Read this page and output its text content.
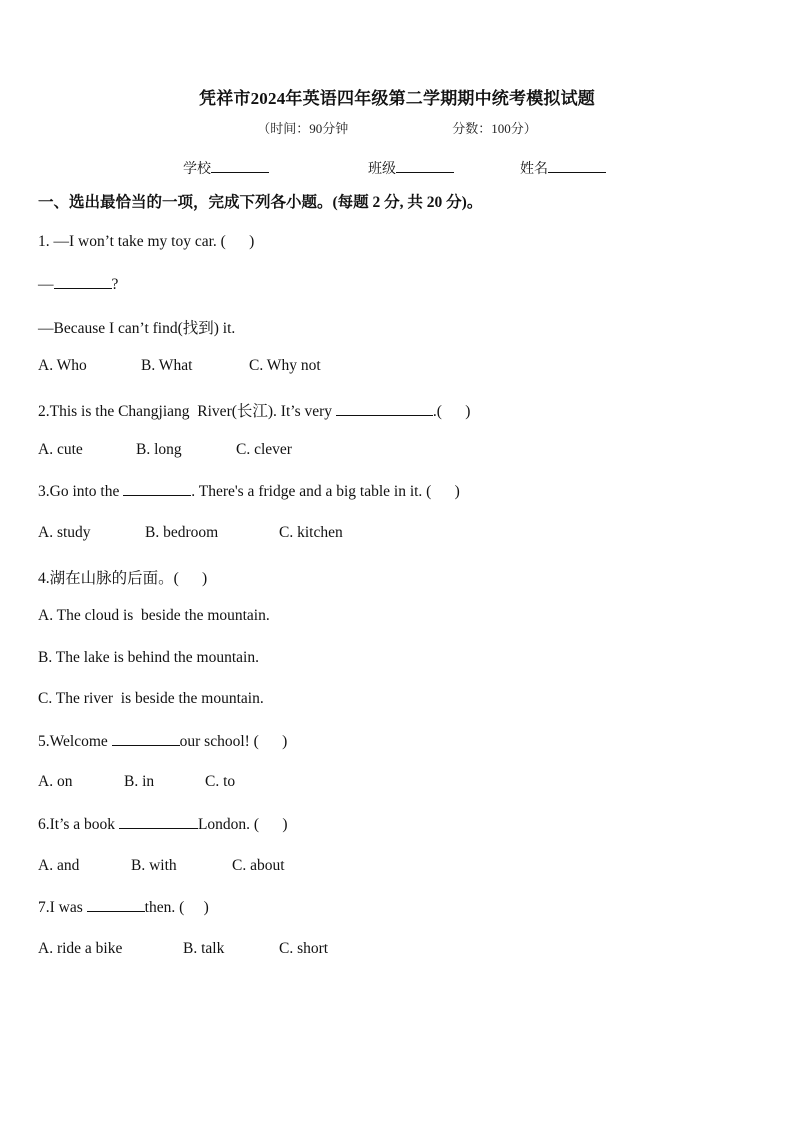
凭祥市2024年英语四年级第二学期期中统考模拟试题
（时间：90分钟	分数：100分）
学校	班级	姓名
一、选出最恰当的一项，完成下列各小题。(每题 2 分, 共 20 分)。
1. —I won’t take my toy car. (      )
—	?
—Because I can’t find(找到) it.
A. Who	B. What	C. Why not
2.This is the Changjiang  River(长江). It’s very	.(      )
A. cute	B. long	C. clever
3.Go into the	. There's a fridge and a big table in it. (      )
A. study	B. bedroom	C. kitchen
4.湖在山脉的后面。(      )
A. The cloud is  beside the mountain.
B. The lake is behind the mountain.
C. The river  is beside the mountain.
5.Welcome	our school! (      )
A. on	B. in	C. to
6.It’s a book	London. (      )
A. and	B. with	C. about
7.I was	then. (     )
A. ride a bike	B. talk	C. short
